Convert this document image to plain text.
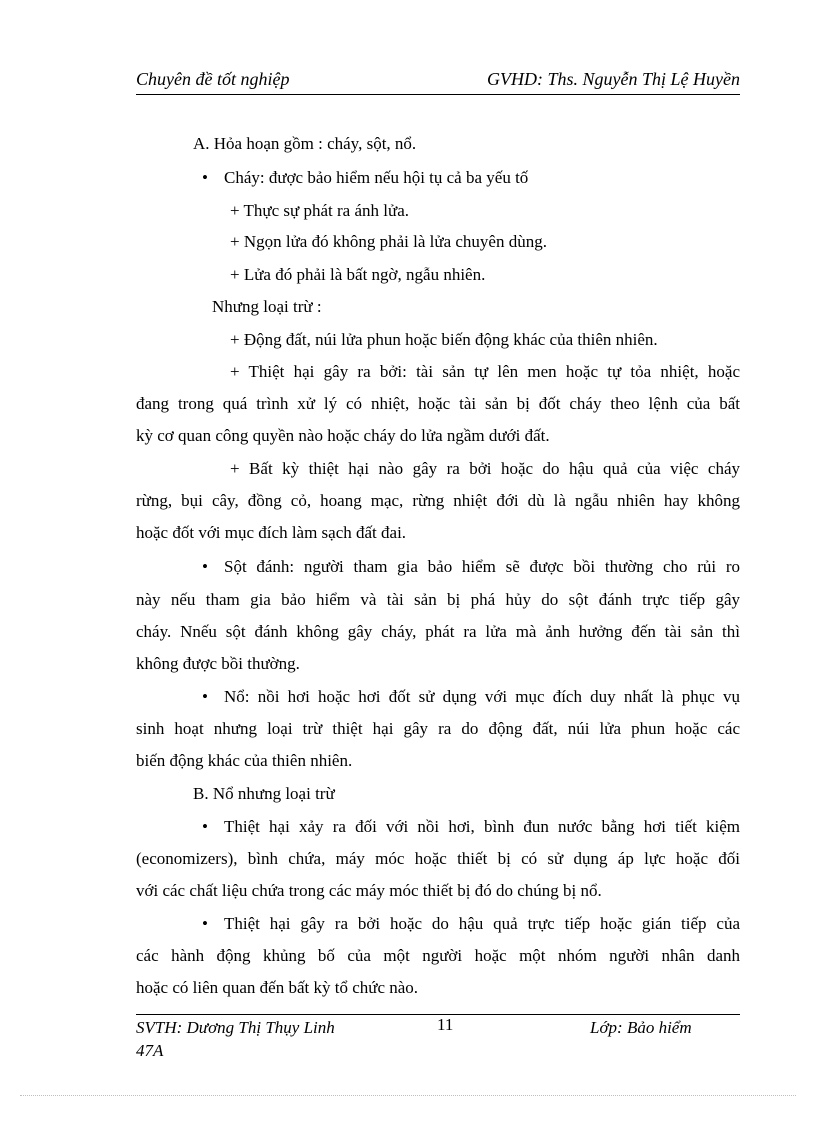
Chuyên đề tốt nghiệp	GVHD: Ths. Nguyễn Thị Lệ Huyền
A. Hỏa hoạn gồm : cháy, sột, nổ.
• Cháy: được bảo hiểm nếu hội tụ cả ba yếu tố
+ Thực sự phát ra ánh lửa.
+ Ngọn lửa đó không phải là lửa chuyên dùng.
+ Lửa đó phải là bất ngờ, ngẫu nhiên.
Nhưng loại trừ :
+ Động đất, núi lửa phun hoặc biến động khác của thiên nhiên.
+ Thiệt hại gây ra bởi: tài sản tự lên men hoặc tự tỏa nhiệt, hoặc
đang trong quá trình xử lý có nhiệt, hoặc tài sản bị đốt cháy theo lệnh của bất
kỳ cơ quan công quyền nào hoặc cháy do lửa ngầm dưới đất.
+ Bất kỳ thiệt hại nào gây ra bởi hoặc do hậu quả của việc cháy
rừng, bụi cây, đồng cỏ, hoang mạc, rừng nhiệt đới dù là ngẫu nhiên hay không
hoặc đốt với mục đích làm sạch đất đai.
• Sột đánh: người tham gia bảo hiểm sẽ được bồi thường cho rủi ro
này nếu tham gia bảo hiểm và tài sản bị phá hủy do sột đánh trực tiếp gây
cháy. Nnếu sột đánh không gây cháy, phát ra lửa mà ảnh hưởng đến tài sản thì
không được bồi thường.
• Nổ: nồi hơi hoặc hơi đốt sử dụng với mục đích duy nhất là phục vụ
sinh hoạt nhưng loại trừ thiệt hại gây ra do động đất, núi lửa phun hoặc các
biến động khác của thiên nhiên.
B. Nổ nhưng loại trừ
• Thiệt hại xảy ra đối với nồi hơi, bình đun nước bằng hơi tiết kiệm
(economizers), bình chứa, máy móc hoặc thiết bị có sử dụng áp lực hoặc đối
với các chất liệu chứa trong các máy móc thiết bị đó do chúng bị nổ.
• Thiệt hại gây ra bởi hoặc do hậu quả trực tiếp hoặc gián tiếp của
các hành động khủng bố của một người hoặc một nhóm người nhân danh
hoặc có liên quan đến bất kỳ tổ chức nào.
SVTH: Dương Thị Thụy Linh
47A
11	Lớp: Bảo hiểm
